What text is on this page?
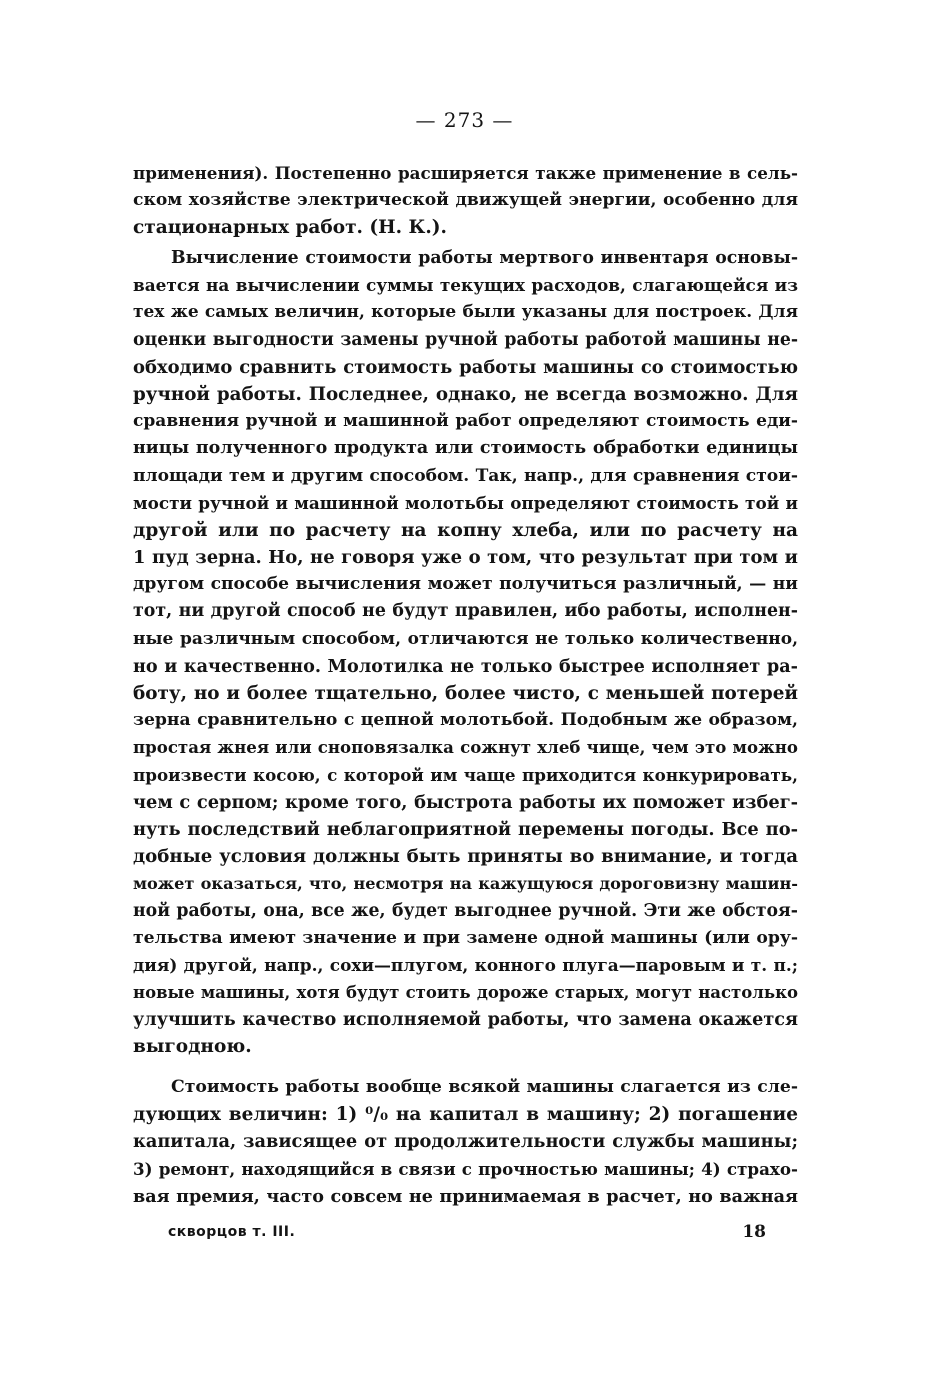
— 273 —
применения). Постепенно расширяется также применение в сель-
ском хозяйстве электрической движущей энергии, особенно для
стационарных работ. (Н. К.).
Вычисление стоимости работы мертвого инвентаря основы-
вается на вычислении суммы текущих расходов, слагающейся из
тех же самых величин, которые были указаны для построек. Для
оценки выгодности замены ручной работы работой машины не-
обходимо сравнить стоимость работы машины со стоимостью
ручной работы. Последнее, однако, не всегда возможно. Для
сравнения ручной и машинной работ определяют стоимость еди-
ницы полученного продукта или стоимость обработки единицы
площади тем и другим способом. Так, напр., для сравнения стои-
мости ручной и машинной молотьбы определяют стоимость той и
другой или по расчету на копну хлеба, или по расчету на
1 пуд зерна. Но, не говоря уже о том, что результат при том и
другом способе вычисления может получиться различный, — ни
тот, ни другой способ не будут правилен, ибо работы, исполнен-
ные различным способом, отличаются не только количественно,
но и качественно. Молотилка не только быстрее исполняет ра-
боту, но и более тщательно, более чисто, с меньшей потерей
зерна сравнительно с цепной молотьбой. Подобным же образом,
простая жнея или сноповязалка сожнут хлеб чище, чем это можно
произвести косою, с которой им чаще приходится конкурировать,
чем с серпом; кроме того, быстрота работы их поможет избег-
нуть последствий неблагоприятной перемены погоды. Все по-
добные условия должны быть приняты во внимание, и тогда
может оказаться, что, несмотря на кажущуюся дороговизну машин-
ной работы, она, все же, будет выгоднее ручной. Эти же обстоя-
тельства имеют значение и при замене одной машины (или ору-
дия) другой, напр., сохи—плугом, конного плуга—паровым и т. п.;
новые машины, хотя будут стоить дороже старых, могут настолько
улучшить качество исполняемой работы, что замена окажется
выгодною.
Стоимость работы вообще всякой машины слагается из сле-
дующих величин: 1) ⁰/₀ на капитал в машину; 2) погашение
капитала, зависящее от продолжительности службы машины;
3) ремонт, находящийся в связи с прочностью машины; 4) страхо-
вая премия, часто совсем не принимаемая в расчет, но важная
скворцов т. III.	18
